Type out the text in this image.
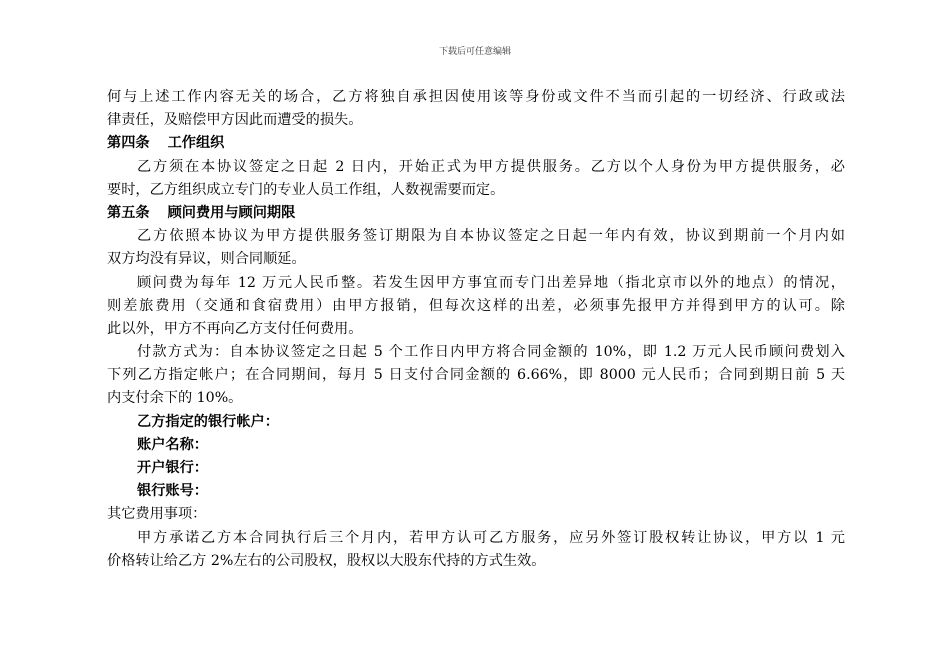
下载后可任意编辑
何与上述工作内容无关的场合，乙方将独自承担因使用该等身份或文件不当而引起的一切经济、行政或法
律责任，及赔偿甲方因此而遭受的损失。
第四条 工作组织
乙方须在本协议签定之日起 2 日内，开始正式为甲方提供服务。乙方以个人身份为甲方提供服务，必
要时，乙方组织成立专门的专业人员工作组，人数视需要而定。
第五条 顾问费用与顾问期限
乙方依照本协议为甲方提供服务签订期限为自本协议签定之日起一年内有效，协议到期前一个月内如
双方均没有异议，则合同顺延。
顾问费为每年 12 万元人民币整。若发生因甲方事宜而专门出差异地（指北京市以外的地点）的情况，
则差旅费用（交通和食宿费用）由甲方报销，但每次这样的出差，必须事先报甲方并得到甲方的认可。除
此以外，甲方不再向乙方支付任何费用。
付款方式为：自本协议签定之日起 5 个工作日内甲方将合同金额的 10%，即 1.2 万元人民币顾问费划入
下列乙方指定帐户；在合同期间，每月 5 日支付合同金额的 6.66%，即 8000 元人民币；合同到期日前 5 天
内支付余下的 10%。
乙方指定的银行帐户：
账户名称：
开户银行：
银行账号：
其它费用事项：
甲方承诺乙方本合同执行后三个月内，若甲方认可乙方服务，应另外签订股权转让协议，甲方以 1 元
价格转让给乙方 2%左右的公司股权，股权以大股东代持的方式生效。
